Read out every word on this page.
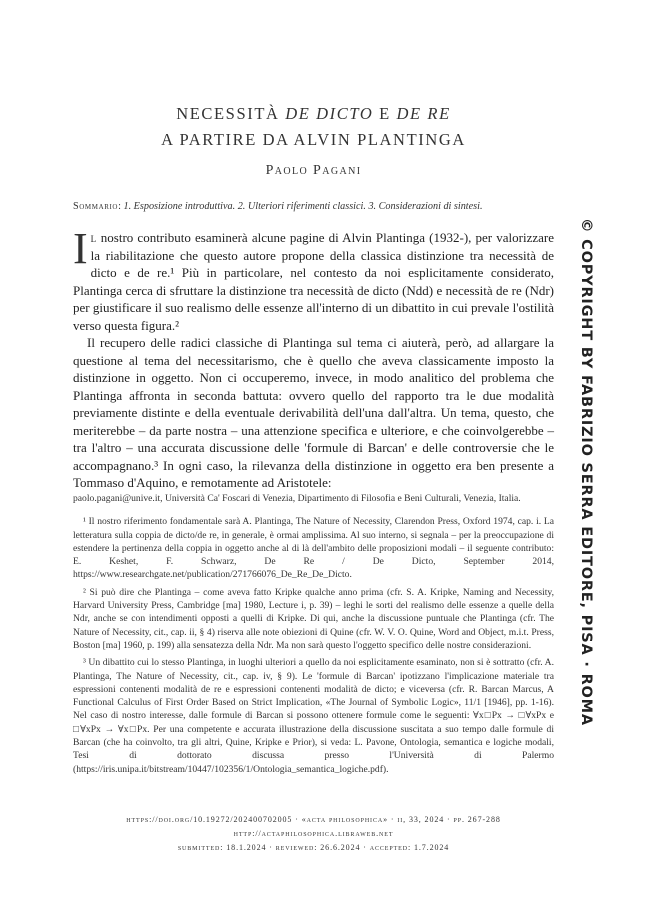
NECESSITÀ DE DICTO E DE RE
A PARTIRE DA ALVIN PLANTINGA
Paolo Pagani
Sommario: 1. Esposizione introduttiva. 2. Ulteriori riferimenti classici. 3. Considerazioni di sintesi.

Il nostro contributo esaminerà alcune pagine di Alvin Plantinga (1932-), per valorizzare la riabilitazione che questo autore propone della classica distinzione tra necessità de dicto e de re.¹ Più in particolare, nel contesto da noi esplicitamente considerato, Plantinga cerca di sfruttare la distinzione tra necessità de dicto (Ndd) e necessità de re (Ndr) per giustificare il suo realismo delle essenze all'interno di un dibattito in cui prevale l'ostilità verso questa figura.²

Il recupero delle radici classiche di Plantinga sul tema ci aiuterà, però, ad allargare la questione al tema del necessitarismo, che è quello che aveva classicamente imposto la distinzione in oggetto. Non ci occuperemo, invece, in modo analitico del problema che Plantinga affronta in seconda battuta: ovvero quello del rapporto tra le due modalità previamente distinte e della eventuale derivabilità dell'una dall'altra. Un tema, questo, che meriterebbe – da parte nostra – una attenzione specifica e ulteriore, e che coinvolgerebbe – tra l'altro – una accurata discussione delle 'formule di Barcan' e delle controversie che le accompagnano.³ In ogni caso, la rilevanza della distinzione in oggetto era ben presente a Tommaso d'Aquino, e remotamente ad Aristotele:

paolo.pagani@unive.it, Università Ca' Foscari di Venezia, Dipartimento di Filosofia e Beni Culturali, Venezia, Italia.

¹ Il nostro riferimento fondamentale sarà A. Plantinga, The Nature of Necessity, Clarendon Press, Oxford 1974, cap. i. La letteratura sulla coppia de dicto/de re, in generale, è ormai amplissima. Al suo interno, si segnala – per la preoccupazione di estendere la pertinenza della coppia in oggetto anche al di là dell'ambito delle proposizioni modali – il seguente contributo: E. Keshet, F. Schwarz, De Re / De Dicto, September 2014, https://www.researchgate.net/publication/271766076_De_Re_De_Dicto.

² Si può dire che Plantinga – come aveva fatto Kripke qualche anno prima (cfr. S. A. Kripke, Naming and Necessity, Harvard University Press, Cambridge [ma] 1980, Lecture i, p. 39) – leghi le sorti del realismo delle essenze a quelle della Ndr, anche se con intendimenti opposti a quelli di Kripke. Di qui, anche la discussione puntuale che Plantinga (cfr. The Nature of Necessity, cit., cap. ii, § 4) riserva alle note obiezioni di Quine (cfr. W. V. O. Quine, Word and Object, m.i.t. Press, Boston [ma] 1960, p. 199) alla sensatezza della Ndr. Ma non sarà questo l'oggetto specifico delle nostre considerazioni.

³ Un dibattito cui lo stesso Plantinga, in luoghi ulteriori a quello da noi esplicitamente esaminato, non si è sottratto (cfr. A. Plantinga, The Nature of Necessity, cit., cap. iv, § 9). Le 'formule di Barcan' ipotizzano l'implicazione materiale tra espressioni contenenti modalità de re e espressioni contenenti modalità de dicto; e viceversa (cfr. R. Barcan Marcus, A Functional Calculus of First Order Based on Strict Implication, «The Journal of Symbolic Logic», 11/1 [1946], pp. 1-16). Nel caso di nostro interesse, dalle formule di Barcan si possono ottenere formule come le seguenti: ∀x□Px → □∀xPx e □∀xPx → ∀x□Px. Per una competente e accurata illustrazione della discussione suscitata a suo tempo dalle formule di Barcan (che ha coinvolto, tra gli altri, Quine, Kripke e Prior), si veda: L. Pavone, Ontologia, semantica e logiche modali, Tesi di dottorato discussa presso l'Università di Palermo (https://iris.unipa.it/bitstream/10447/102356/1/Ontologia_semantica_logiche.pdf).

https://doi.org/10.19272/202400702005 · «acta philosophica» · ii, 33, 2024 · pp. 267-288
http://actaphilosophica.libraweb.net
submitted: 18.1.2024 · reviewed: 26.6.2024 · accepted: 1.7.2024
© COPYRIGHT BY FABRIZIO SERRA EDITORE, PISA · ROMA
